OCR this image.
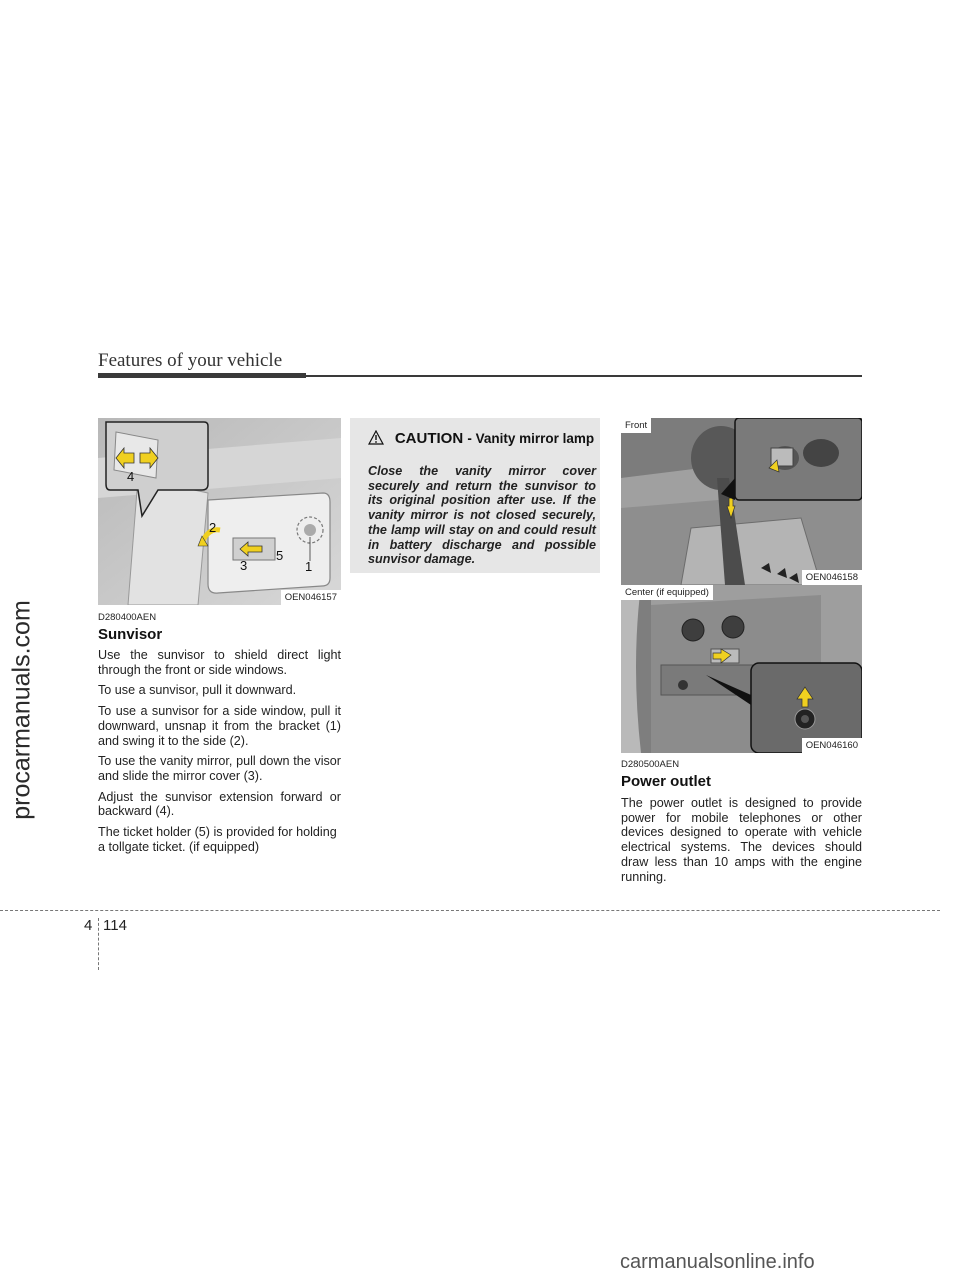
Features of your vehicle
procarmanuals.com
4
2
3
5
1
OEN046157
D280400AEN
Sunvisor

Use the sunvisor to shield direct light through the front or side windows.

To use a sunvisor, pull it downward.

To use a sunvisor for a side window, pull it downward, unsnap it from the bracket (1) and swing it to the side (2).

To use the vanity mirror, pull down the visor and slide the mirror cover (3).

Adjust the sunvisor extension forward or backward (4).

The ticket holder (5) is provided for holding a tollgate ticket. (if equipped)

CAUTION - Vanity mirror lamp
Close the vanity mirror cover securely and return the sunvisor to its original position after use. If the vanity mirror is not closed securely, the lamp will stay on and could result in battery discharge and possible sunvisor damage.
Front
OEN046158
Center (if equipped)
OEN046160
D280500AEN
Power outlet

The power outlet is designed to provide power for mobile telephones or other devices designed to operate with vehicle electrical systems. The devices should draw less than 10 amps with the engine running.

4 114
carmanualsonline.info
